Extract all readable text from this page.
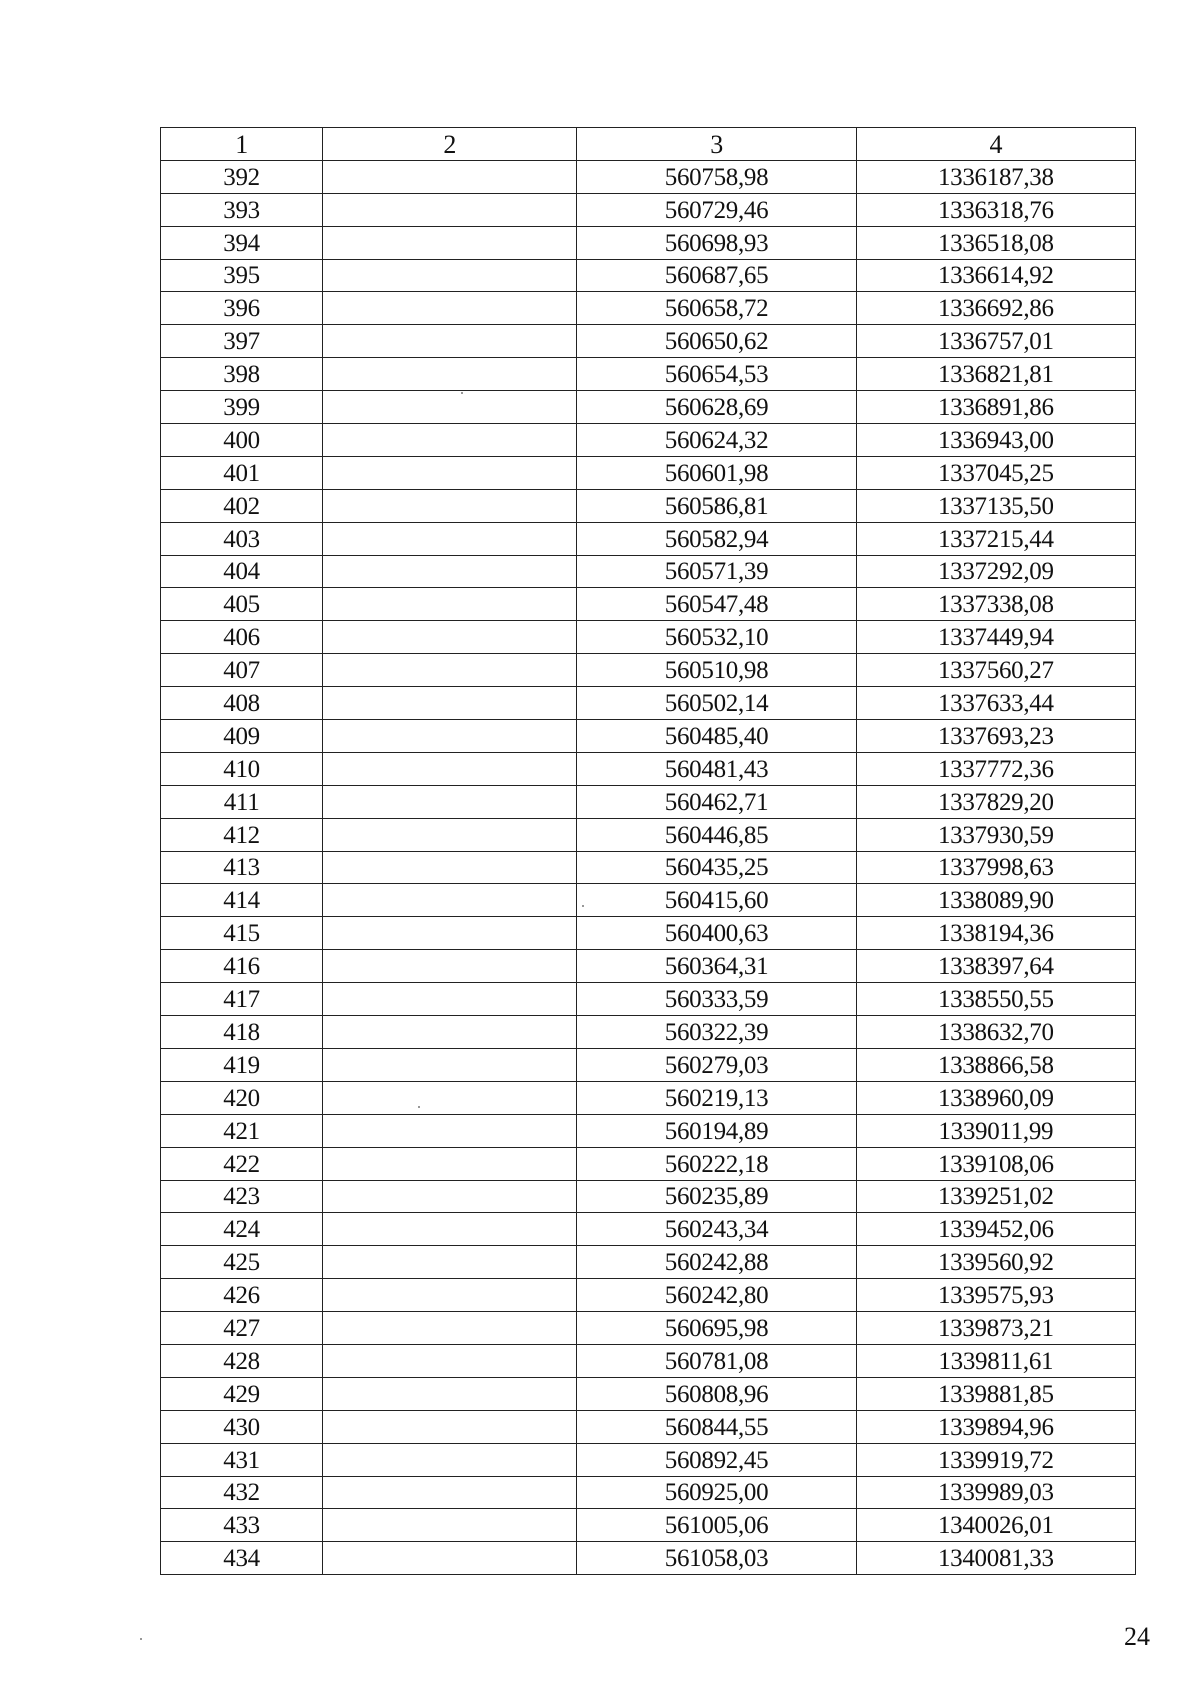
1	2	3	4
392		560758,98	1336187,38
393		560729,46	1336318,76
394		560698,93	1336518,08
395		560687,65	1336614,92
396		560658,72	1336692,86
397		560650,62	1336757,01
398		560654,53	1336821,81
399		560628,69	1336891,86
400		560624,32	1336943,00
401		560601,98	1337045,25
402		560586,81	1337135,50
403		560582,94	1337215,44
404		560571,39	1337292,09
405		560547,48	1337338,08
406		560532,10	1337449,94
407		560510,98	1337560,27
408		560502,14	1337633,44
409		560485,40	1337693,23
410		560481,43	1337772,36
411		560462,71	1337829,20
412		560446,85	1337930,59
413		560435,25	1337998,63
414		560415,60	1338089,90
415		560400,63	1338194,36
416		560364,31	1338397,64
417		560333,59	1338550,55
418		560322,39	1338632,70
419		560279,03	1338866,58
420		560219,13	1338960,09
421		560194,89	1339011,99
422		560222,18	1339108,06
423		560235,89	1339251,02
424		560243,34	1339452,06
425		560242,88	1339560,92
426		560242,80	1339575,93
427		560695,98	1339873,21
428		560781,08	1339811,61
429		560808,96	1339881,85
430		560844,55	1339894,96
431		560892,45	1339919,72
432		560925,00	1339989,03
433		561005,06	1340026,01
434		561058,03	1340081,33
24
